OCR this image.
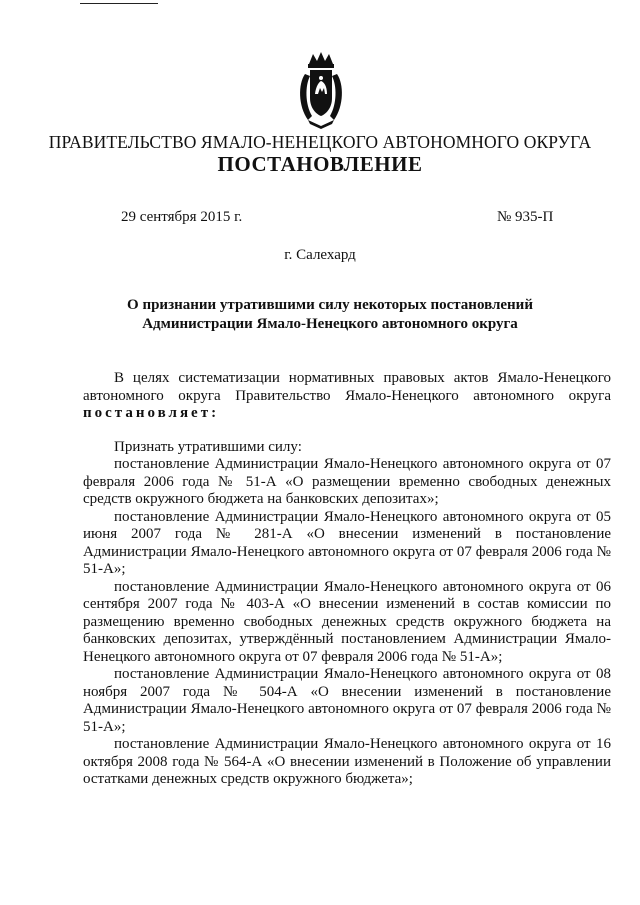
ПРАВИТЕЛЬСТВО ЯМАЛО-НЕНЕЦКОГО АВТОНОМНОГО ОКРУГА
ПОСТАНОВЛЕНИЕ
29 сентября 2015 г.	№ 935-П
г. Салехард
О признании утратившими силу некоторых постановлений
Администрации Ямало-Ненецкого автономного округа

В целях систематизации нормативных правовых актов Ямало-Ненецкого автономного округа Правительство Ямало-Ненецкого автономного округа постановляет:

Признать утратившими силу:

постановление Администрации Ямало-Ненецкого автономного округа от 07 февраля 2006 года № 51-А «О размещении временно свободных денежных средств окружного бюджета на банковских депозитах»;

постановление Администрации Ямало-Ненецкого автономного округа от 05 июня 2007 года № 281-А «О внесении изменений в постановление Администрации Ямало-Ненецкого автономного округа от 07 февраля 2006 года № 51-А»;

постановление Администрации Ямало-Ненецкого автономного округа от 06 сентября 2007 года № 403-А «О внесении изменений в состав комиссии по размещению временно свободных денежных средств окружного бюджета на банковских депозитах, утверждённый постановлением Администрации Ямало-Ненецкого автономного округа от 07 февраля 2006 года № 51-А»;

постановление Администрации Ямало-Ненецкого автономного округа от 08 ноября 2007 года № 504-А «О внесении изменений в постановление Администрации Ямало-Ненецкого автономного округа от 07 февраля 2006 года № 51-А»;

постановление Администрации Ямало-Ненецкого автономного округа от 16 октября 2008 года № 564-А «О внесении изменений в Положение об управлении остатками денежных средств окружного бюджета»;
